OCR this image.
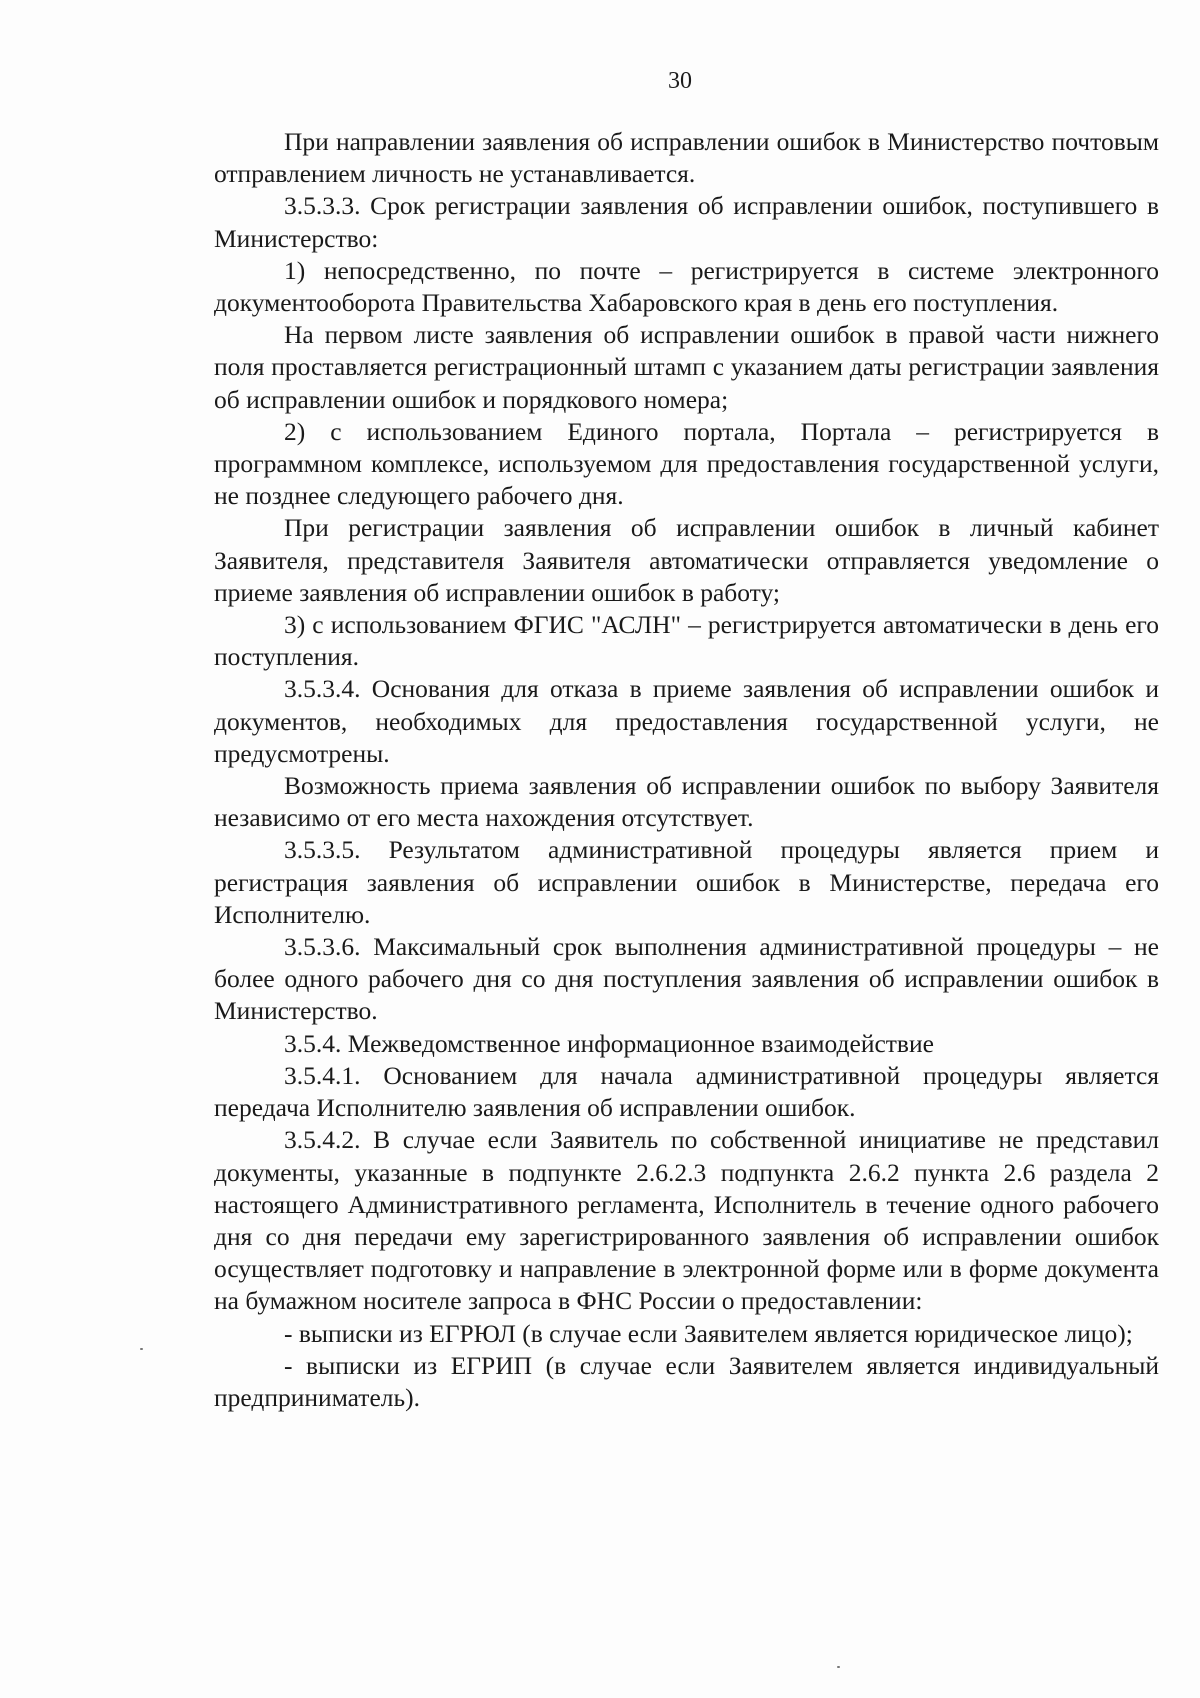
30

При направлении заявления об исправлении ошибок в Министерство почтовым отправлением личность не устанавливается.

3.5.3.3. Срок регистрации заявления об исправлении ошибок, поступившего в Министерство:

1) непосредственно, по почте – регистрируется в системе электронного документооборота Правительства Хабаровского края в день его поступления.

На первом листе заявления об исправлении ошибок в правой части нижнего поля проставляется регистрационный штамп с указанием даты регистрации заявления об исправлении ошибок и порядкового номера;

2) с использованием Единого портала, Портала – регистрируется в программном комплексе, используемом для предоставления государственной услуги, не позднее следующего рабочего дня.

При регистрации заявления об исправлении ошибок в личный кабинет Заявителя, представителя Заявителя автоматически отправляется уведомление о приеме заявления об исправлении ошибок в работу;

3) с использованием ФГИС "АСЛН" – регистрируется автоматически в день его поступления.

3.5.3.4. Основания для отказа в приеме заявления об исправлении ошибок и документов, необходимых для предоставления государственной услуги, не предусмотрены.

Возможность приема заявления об исправлении ошибок по выбору Заявителя независимо от его места нахождения отсутствует.

3.5.3.5. Результатом административной процедуры является прием и регистрация заявления об исправлении ошибок в Министерстве, передача его Исполнителю.

3.5.3.6. Максимальный срок выполнения административной процедуры – не более одного рабочего дня со дня поступления заявления об исправлении ошибок в Министерство.

3.5.4. Межведомственное информационное взаимодействие

3.5.4.1. Основанием для начала административной процедуры является передача Исполнителю заявления об исправлении ошибок.

3.5.4.2. В случае если Заявитель по собственной инициативе не представил документы, указанные в подпункте 2.6.2.3 подпункта 2.6.2 пункта 2.6 раздела 2 настоящего Административного регламента, Исполнитель в течение одного рабочего дня со дня передачи ему зарегистрированного заявления об исправлении ошибок осуществляет подготовку и направление в электронной форме или в форме документа на бумажном носителе запроса в ФНС России о предоставлении:

- выписки из ЕГРЮЛ (в случае если Заявителем является юридическое лицо);

- выписки из ЕГРИП (в случае если Заявителем является индивидуальный предприниматель).
